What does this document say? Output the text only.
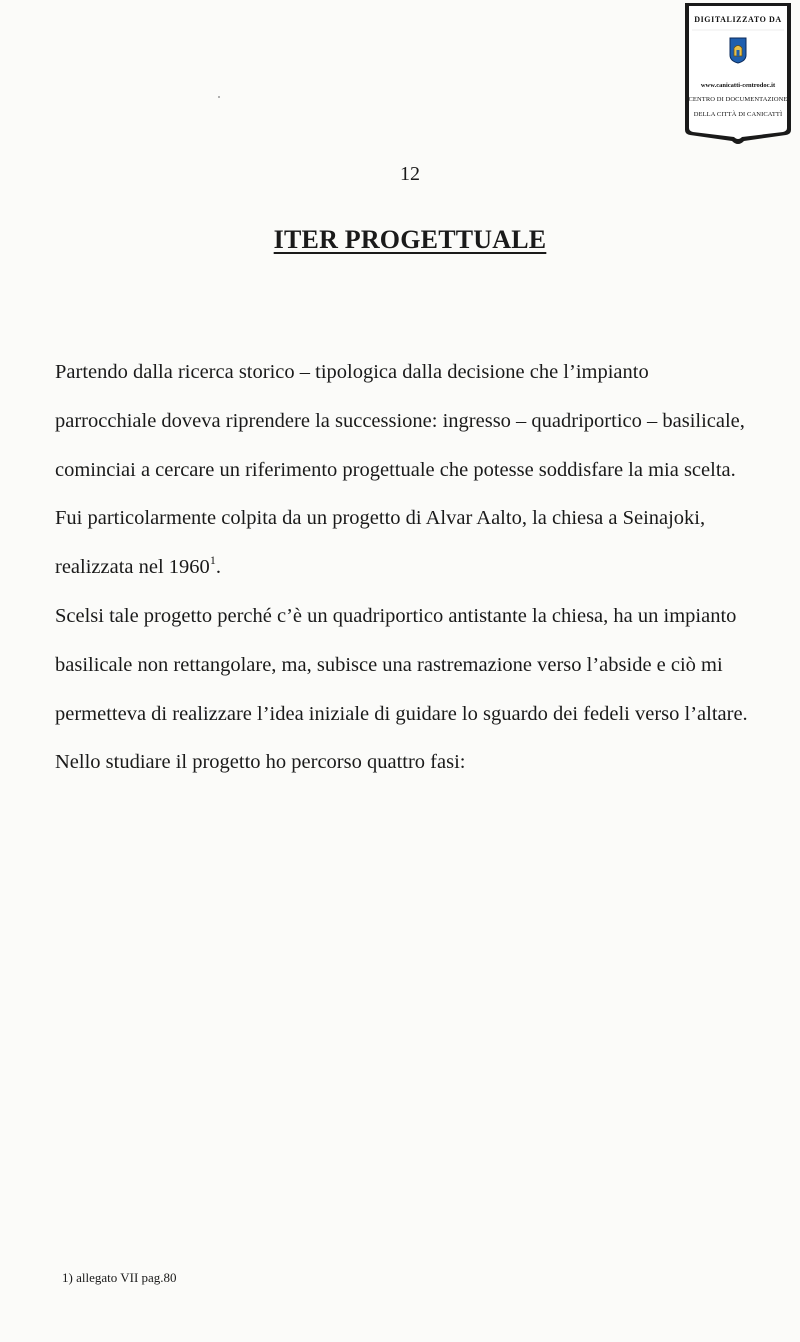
DIGITALIZZATO DA
www.canicatti-centrodoc.it
CENTRO DI DOCUMENTAZIONE
DELLA CITTÀ DI CANICATTÌ
12
ITER PROGETTUALE
Partendo dalla ricerca storico – tipologica dalla decisione che l’impianto
parrocchiale doveva riprendere la successione: ingresso – quadriportico – basilicale,
cominciai a cercare un riferimento progettuale che potesse soddisfare la mia scelta.
Fui particolarmente colpita da un progetto di Alvar Aalto, la chiesa a Seinajoki,
realizzata nel 1960$^1$.
Scelsi tale progetto perché c’è un quadriportico antistante la chiesa, ha un impianto
basilicale non rettangolare, ma, subisce una rastremazione verso l’abside e ciò mi
permetteva di realizzare l’idea iniziale di guidare lo sguardo dei fedeli verso l’altare.
Nello studiare il progetto ho percorso quattro fasi:
1) allegato VII pag.80
